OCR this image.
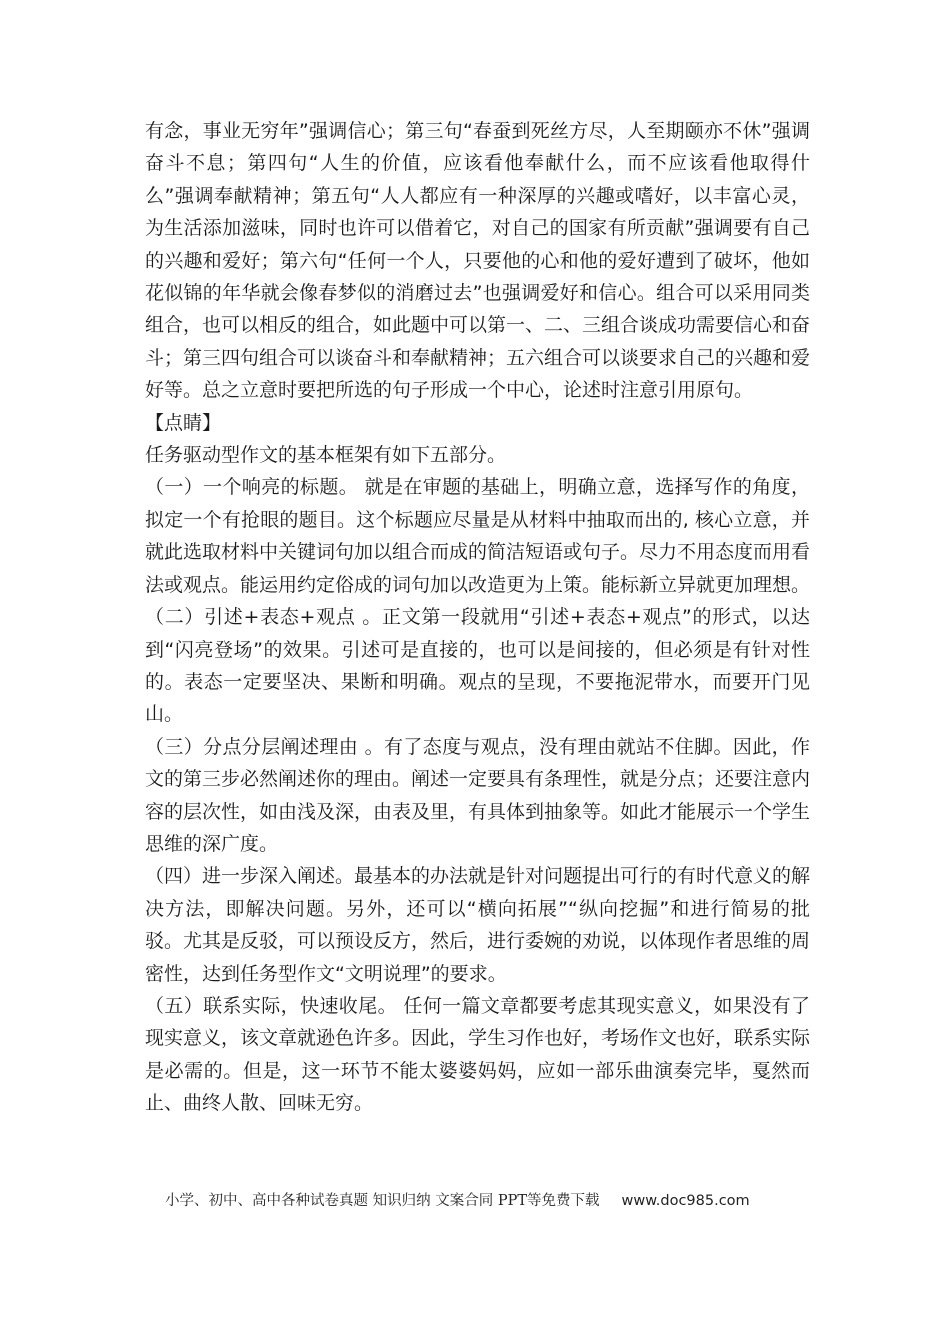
有念，事业无穷年”强调信心；第三句“春蚕到死丝方尽，人至期颐亦不休”强调奋斗不息；第四句“人生的价值，应该看他奉献什么，而不应该看他取得什么”强调奉献精神；第五句“人人都应有一种深厚的兴趣或嗜好，以丰富心灵，为生活添加滋味，同时也许可以借着它，对自己的国家有所贡献”强调要有自己的兴趣和爱好；第六句“任何一个人，只要他的心和他的爱好遭到了破坏，他如花似锦的年华就会像春梦似的消磨过去”也强调爱好和信心。组合可以采用同类组合，也可以相反的组合，如此题中可以第一、二、三组合谈成功需要信心和奋斗；第三四句组合可以谈奋斗和奉献精神；五六组合可以谈要求自己的兴趣和爱好等。总之立意时要把所选的句子形成一个中心，论述时注意引用原句。

【点睛】

任务驱动型作文的基本框架有如下五部分。

（一）一个响亮的标题。 就是在审题的基础上，明确立意，选择写作的角度，拟定一个有抢眼的题目。这个标题应尽量是从材料中抽取而出的, 核心立意，并就此选取材料中关键词句加以组合而成的简洁短语或句子。尽力不用态度而用看法或观点。能运用约定俗成的词句加以改造更为上策。能标新立异就更加理想。

（二）引述+表态+观点 。正文第一段就用“引述+表态+观点”的形式，以达到“闪亮登场”的效果。引述可是直接的，也可以是间接的，但必须是有针对性的。表态一定要坚决、果断和明确。观点的呈现，不要拖泥带水，而要开门见山。

（三）分点分层阐述理由 。有了态度与观点，没有理由就站不住脚。因此，作文的第三步必然阐述你的理由。阐述一定要具有条理性，就是分点；还要注意内容的层次性，如由浅及深，由表及里，有具体到抽象等。如此才能展示一个学生思维的深广度。

（四）进一步深入阐述。最基本的办法就是针对问题提出可行的有时代意义的解决方法，即解决问题。另外，还可以“横向拓展”“纵向挖掘”和进行简易的批驳。尤其是反驳，可以预设反方，然后，进行委婉的劝说，以体现作者思维的周密性，达到任务型作文“文明说理”的要求。

（五）联系实际，快速收尾。 任何一篇文章都要考虑其现实意义，如果没有了现实意义，该文章就逊色许多。因此，学生习作也好，考场作文也好，联系实际是必需的。但是，这一环节不能太婆婆妈妈，应如一部乐曲演奏完毕，戛然而止、曲终人散、回味无穷。

小学、初中、高中各种试卷真题 知识归纳 文案合同 PPT等免费下载 www.doc985.com
